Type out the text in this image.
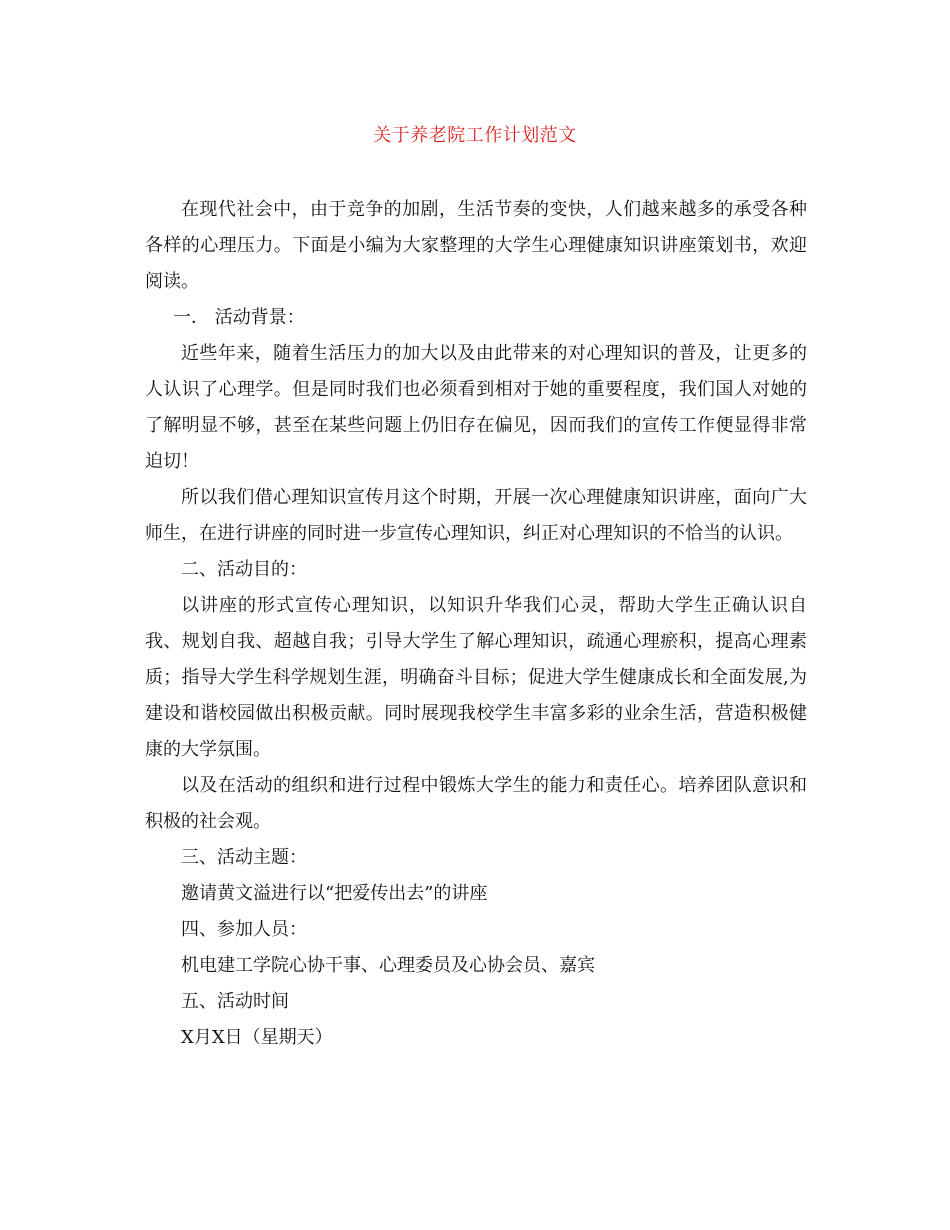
关于养老院工作计划范文

在现代社会中，由于竞争的加剧，生活节奏的变快，人们越来越多的承受各种各样的心理压力。下面是小编为大家整理的大学生心理健康知识讲座策划书，欢迎阅读。

一． 活动背景：

近些年来，随着生活压力的加大以及由此带来的对心理知识的普及，让更多的人认识了心理学。但是同时我们也必须看到相对于她的重要程度，我们国人对她的了解明显不够，甚至在某些问题上仍旧存在偏见，因而我们的宣传工作便显得非常迫切！

所以我们借心理知识宣传月这个时期，开展一次心理健康知识讲座，面向广大师生，在进行讲座的同时进一步宣传心理知识，纠正对心理知识的不恰当的认识。

二、活动目的：

以讲座的形式宣传心理知识，以知识升华我们心灵，帮助大学生正确认识自我、规划自我、超越自我；引导大学生了解心理知识，疏通心理瘀积，提高心理素质；指导大学生科学规划生涯，明确奋斗目标；促进大学生健康成长和全面发展,为建设和谐校园做出积极贡献。同时展现我校学生丰富多彩的业余生活，营造积极健康的大学氛围。

以及在活动的组织和进行过程中锻炼大学生的能力和责任心。培养团队意识和积极的社会观。

三、活动主题：

邀请黄文溢进行以“把爱传出去”的讲座

四、参加人员：

机电建工学院心协干事、心理委员及心协会员、嘉宾

五、活动时间

X月X日（星期天）
